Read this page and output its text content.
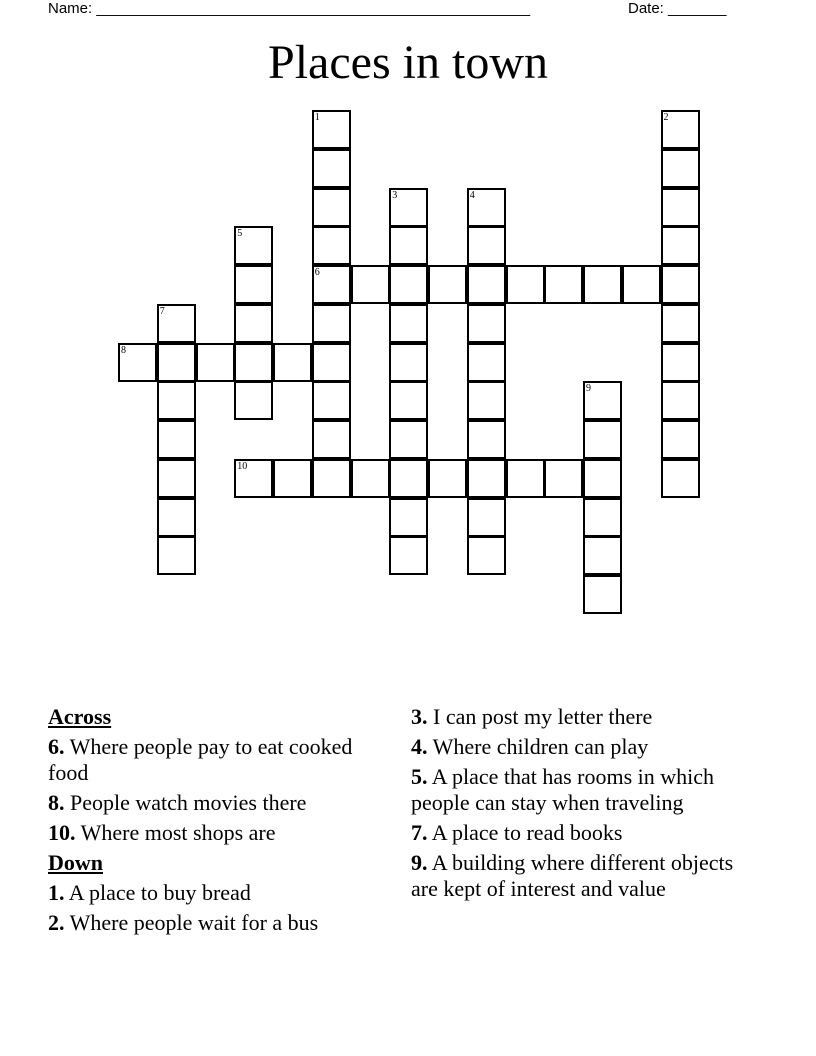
Name: ____________________________________________________	Date: _______
Places in town
1
6
2
3	4
5
7
8
9
10
Across
6. Where people pay to eat cooked food
8. People watch movies there
10. Where most shops are
Down
1. A place to buy bread
2. Where people wait for a bus
3. I can post my letter there
4. Where children can play
5. A place that has rooms in which people can stay when traveling
7. A place to read books
9. A building where different objects are kept of interest and value
